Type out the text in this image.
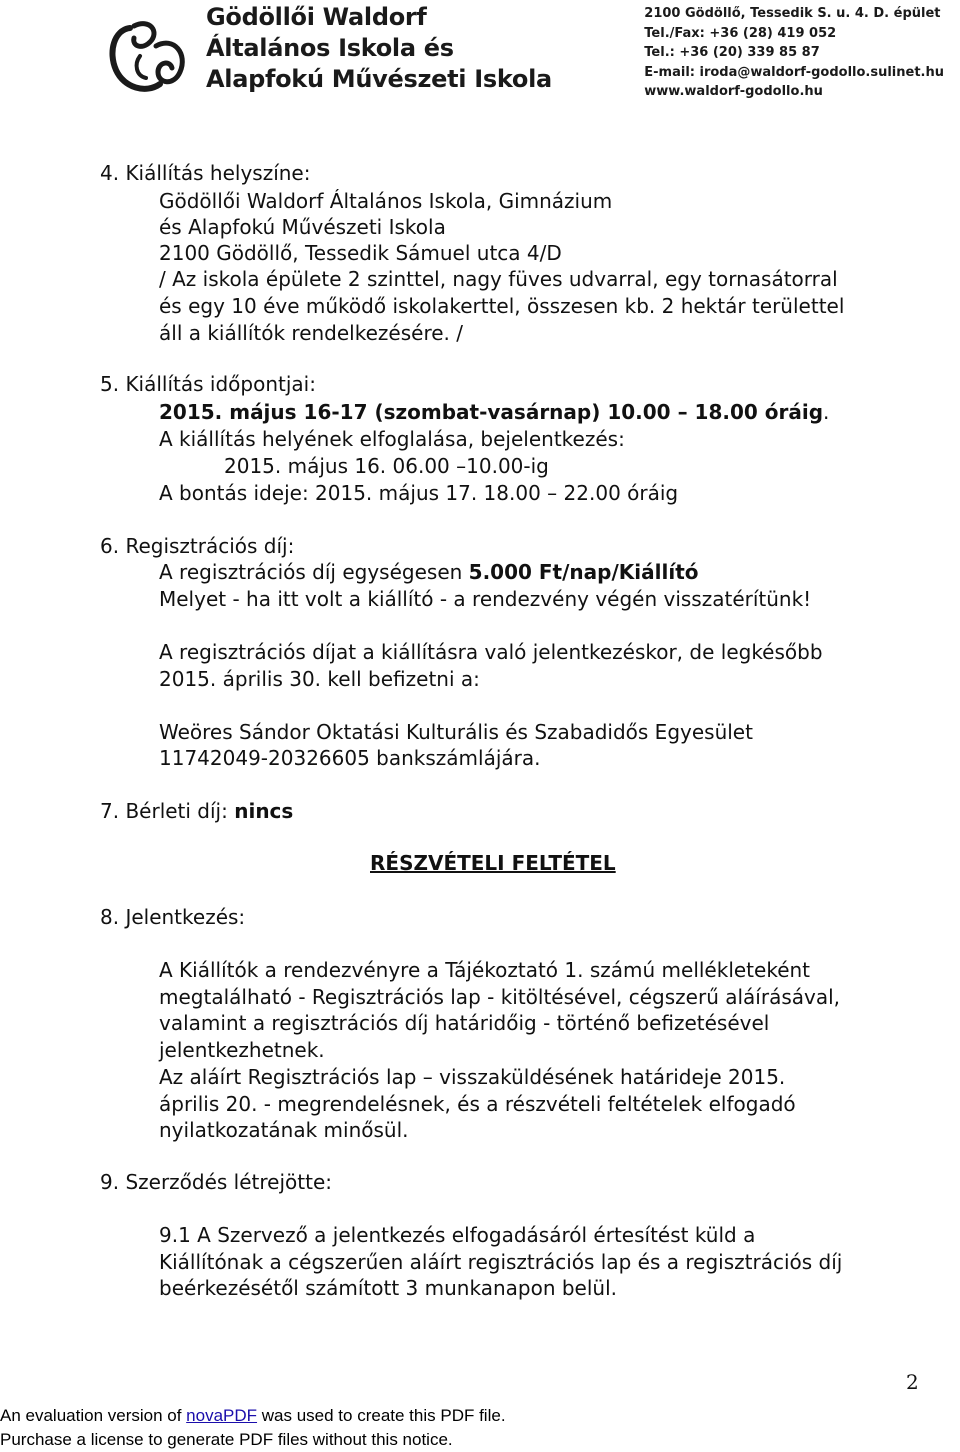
Gödöllői Waldorf
Általános Iskola és
Alapfokú Művészeti Iskola
2100 Gödöllő, Tessedik S. u. 4. D. épület
Tel./Fax: +36 (28) 419 052
Tel.: +36 (20) 339 85 87
E-mail: iroda@waldorf-godollo.sulinet.hu
www.waldorf-godollo.hu
4. Kiállítás helyszíne:
Gödöllői Waldorf Általános Iskola, Gimnázium
és Alapfokú Művészeti Iskola
2100 Gödöllő, Tessedik Sámuel utca 4/D
/ Az iskola épülete 2 szinttel, nagy füves udvarral, egy tornasátorral
és egy 10 éve működő iskolakerttel, összesen kb. 2 hektár területtel
áll a kiállítók rendelkezésére. /
5. Kiállítás időpontjai:
2015. május 16-17 (szombat-vasárnap) 10.00 – 18.00 óráig.
A kiállítás helyének elfoglalása, bejelentkezés:
2015. május 16. 06.00 –10.00-ig
A bontás ideje: 2015. május 17. 18.00 – 22.00 óráig
6. Regisztrációs díj:
A regisztrációs díj egységesen 5.000 Ft/nap/Kiállító
Melyet - ha itt volt a kiállító - a rendezvény végén visszatérítünk!
A regisztrációs díjat a kiállításra való jelentkezéskor, de legkésőbb
2015. április 30. kell befizetni a:
Weöres Sándor Oktatási Kulturális és Szabadidős Egyesület
11742049-20326605 bankszámlájára.
7. Bérleti díj: nincs
RÉSZVÉTELI FELTÉTEL
8. Jelentkezés:
A Kiállítók a rendezvényre a Tájékoztató 1. számú mellékleteként
megtalálható - Regisztrációs lap - kitöltésével, cégszerű aláírásával,
valamint a regisztrációs díj határidőig - történő befizetésével
jelentkezhetnek.
Az aláírt Regisztrációs lap – visszaküldésének határideje 2015.
április 20. - megrendelésnek, és a részvételi feltételek elfogadó
nyilatkozatának minősül.
9. Szerződés létrejötte:
9.1 A Szervező a jelentkezés elfogadásáról értesítést küld a
Kiállítónak a cégszerűen aláírt regisztrációs lap és a regisztrációs díj
beérkezésétől számított 3 munkanapon belül.
2
An evaluation version of novaPDF was used to create this PDF file.
Purchase a license to generate PDF files without this notice.
